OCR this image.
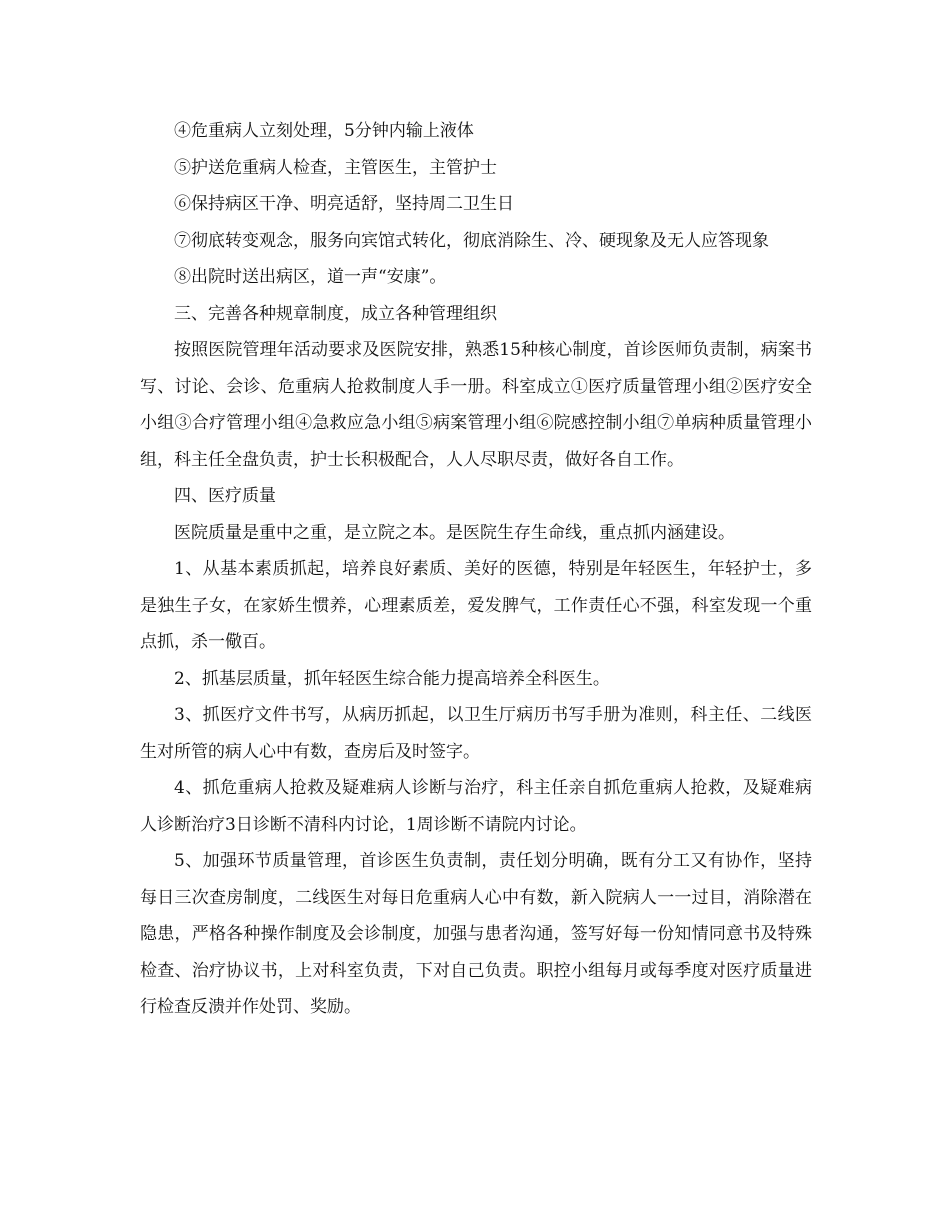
④危重病人立刻处理，5分钟内输上液体

⑤护送危重病人检查，主管医生，主管护士

⑥保持病区干净、明亮适舒，坚持周二卫生日

⑦彻底转变观念，服务向宾馆式转化，彻底消除生、冷、硬现象及无人应答现象

⑧出院时送出病区，道一声“安康”。

三、完善各种规章制度，成立各种管理组织

按照医院管理年活动要求及医院安排，熟悉15种核心制度，首诊医师负责制，病案书写、讨论、会诊、危重病人抢救制度人手一册。科室成立①医疗质量管理小组②医疗安全小组③合疗管理小组④急救应急小组⑤病案管理小组⑥院感控制小组⑦单病种质量管理小组，科主任全盘负责，护士长积极配合，人人尽职尽责，做好各自工作。

四、医疗质量

医院质量是重中之重，是立院之本。是医院生存生命线，重点抓内涵建设。

1、从基本素质抓起，培养良好素质、美好的医德，特别是年轻医生，年轻护士，多是独生子女，在家娇生惯养，心理素质差，爱发脾气，工作责任心不强，科室发现一个重点抓，杀一儆百。

2、抓基层质量，抓年轻医生综合能力提高培养全科医生。

3、抓医疗文件书写，从病历抓起，以卫生厅病历书写手册为准则，科主任、二线医生对所管的病人心中有数，查房后及时签字。

4、抓危重病人抢救及疑难病人诊断与治疗，科主任亲自抓危重病人抢救，及疑难病人诊断治疗3日诊断不清科内讨论，1周诊断不请院内讨论。

5、加强环节质量管理，首诊医生负责制，责任划分明确，既有分工又有协作，坚持每日三次查房制度，二线医生对每日危重病人心中有数，新入院病人一一过目，消除潜在隐患，严格各种操作制度及会诊制度，加强与患者沟通，签写好每一份知情同意书及特殊检查、治疗协议书，上对科室负责，下对自己负责。职控小组每月或每季度对医疗质量进行检查反溃并作处罚、奖励。
